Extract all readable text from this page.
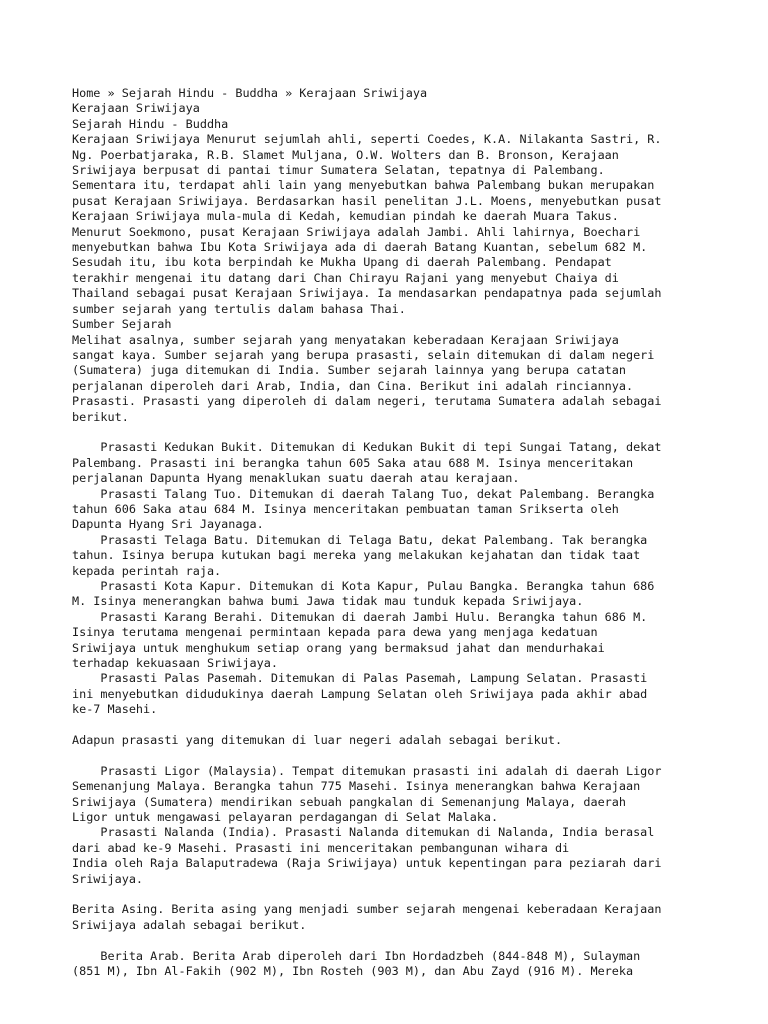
Home » Sejarah Hindu - Buddha » Kerajaan Sriwijaya
Kerajaan Sriwijaya
Sejarah Hindu - Buddha
Kerajaan Sriwijaya Menurut sejumlah ahli, seperti Coedes, K.A. Nilakanta Sastri, R.
Ng. Poerbatjaraka, R.B. Slamet Muljana, O.W. Wolters dan B. Bronson, Kerajaan
Sriwijaya berpusat di pantai timur Sumatera Selatan, tepatnya di Palembang.
Sementara itu, terdapat ahli lain yang menyebutkan bahwa Palembang bukan merupakan
pusat Kerajaan Sriwijaya. Berdasarkan hasil penelitan J.L. Moens, menyebutkan pusat
Kerajaan Sriwijaya mula-mula di Kedah, kemudian pindah ke daerah Muara Takus.
Menurut Soekmono, pusat Kerajaan Sriwijaya adalah Jambi. Ahli lahirnya, Boechari
menyebutkan bahwa Ibu Kota Sriwijaya ada di daerah Batang Kuantan, sebelum 682 M.
Sesudah itu, ibu kota berpindah ke Mukha Upang di daerah Palembang. Pendapat
terakhir mengenai itu datang dari Chan Chirayu Rajani yang menyebut Chaiya di
Thailand sebagai pusat Kerajaan Sriwijaya. Ia mendasarkan pendapatnya pada sejumlah
sumber sejarah yang tertulis dalam bahasa Thai.
Sumber Sejarah
Melihat asalnya, sumber sejarah yang menyatakan keberadaan Kerajaan Sriwijaya
sangat kaya. Sumber sejarah yang berupa prasasti, selain ditemukan di dalam negeri
(Sumatera) juga ditemukan di India. Sumber sejarah lainnya yang berupa catatan
perjalanan diperoleh dari Arab, India, dan Cina. Berikut ini adalah rinciannya.
Prasasti. Prasasti yang diperoleh di dalam negeri, terutama Sumatera adalah sebagai
berikut.
Prasasti Kedukan Bukit. Ditemukan di Kedukan Bukit di tepi Sungai Tatang, dekat
Palembang. Prasasti ini berangka tahun 605 Saka atau 688 M. Isinya menceritakan
perjalanan Dapunta Hyang menaklukan suatu daerah atau kerajaan.
Prasasti Talang Tuo. Ditemukan di daerah Talang Tuo, dekat Palembang. Berangka
tahun 606 Saka atau 684 M. Isinya menceritakan pembuatan taman Srikserta oleh
Dapunta Hyang Sri Jayanaga.
Prasasti Telaga Batu. Ditemukan di Telaga Batu, dekat Palembang. Tak berangka
tahun. Isinya berupa kutukan bagi mereka yang melakukan kejahatan dan tidak taat
kepada perintah raja.
Prasasti Kota Kapur. Ditemukan di Kota Kapur, Pulau Bangka. Berangka tahun 686
M. Isinya menerangkan bahwa bumi Jawa tidak mau tunduk kepada Sriwijaya.
Prasasti Karang Berahi. Ditemukan di daerah Jambi Hulu. Berangka tahun 686 M.
Isinya terutama mengenai permintaan kepada para dewa yang menjaga kedatuan
Sriwijaya untuk menghukum setiap orang yang bermaksud jahat dan mendurhakai
terhadap kekuasaan Sriwijaya.
Prasasti Palas Pasemah. Ditemukan di Palas Pasemah, Lampung Selatan. Prasasti
ini menyebutkan didudukinya daerah Lampung Selatan oleh Sriwijaya pada akhir abad
ke-7 Masehi.
Adapun prasasti yang ditemukan di luar negeri adalah sebagai berikut.
Prasasti Ligor (Malaysia). Tempat ditemukan prasasti ini adalah di daerah Ligor
Semenanjung Malaya. Berangka tahun 775 Masehi. Isinya menerangkan bahwa Kerajaan
Sriwijaya (Sumatera) mendirikan sebuah pangkalan di Semenanjung Malaya, daerah
Ligor untuk mengawasi pelayaran perdagangan di Selat Malaka.
Prasasti Nalanda (India). Prasasti Nalanda ditemukan di Nalanda, India berasal
dari abad ke-9 Masehi. Prasasti ini menceritakan pembangunan wihara di
India oleh Raja Balaputradewa (Raja Sriwijaya) untuk kepentingan para peziarah dari
Sriwijaya.
Berita Asing. Berita asing yang menjadi sumber sejarah mengenai keberadaan Kerajaan
Sriwijaya adalah sebagai berikut.
Berita Arab. Berita Arab diperoleh dari Ibn Hordadzbeh (844-848 M), Sulayman
(851 M), Ibn Al-Fakih (902 M), Ibn Rosteh (903 M), dan Abu Zayd (916 M). Mereka
